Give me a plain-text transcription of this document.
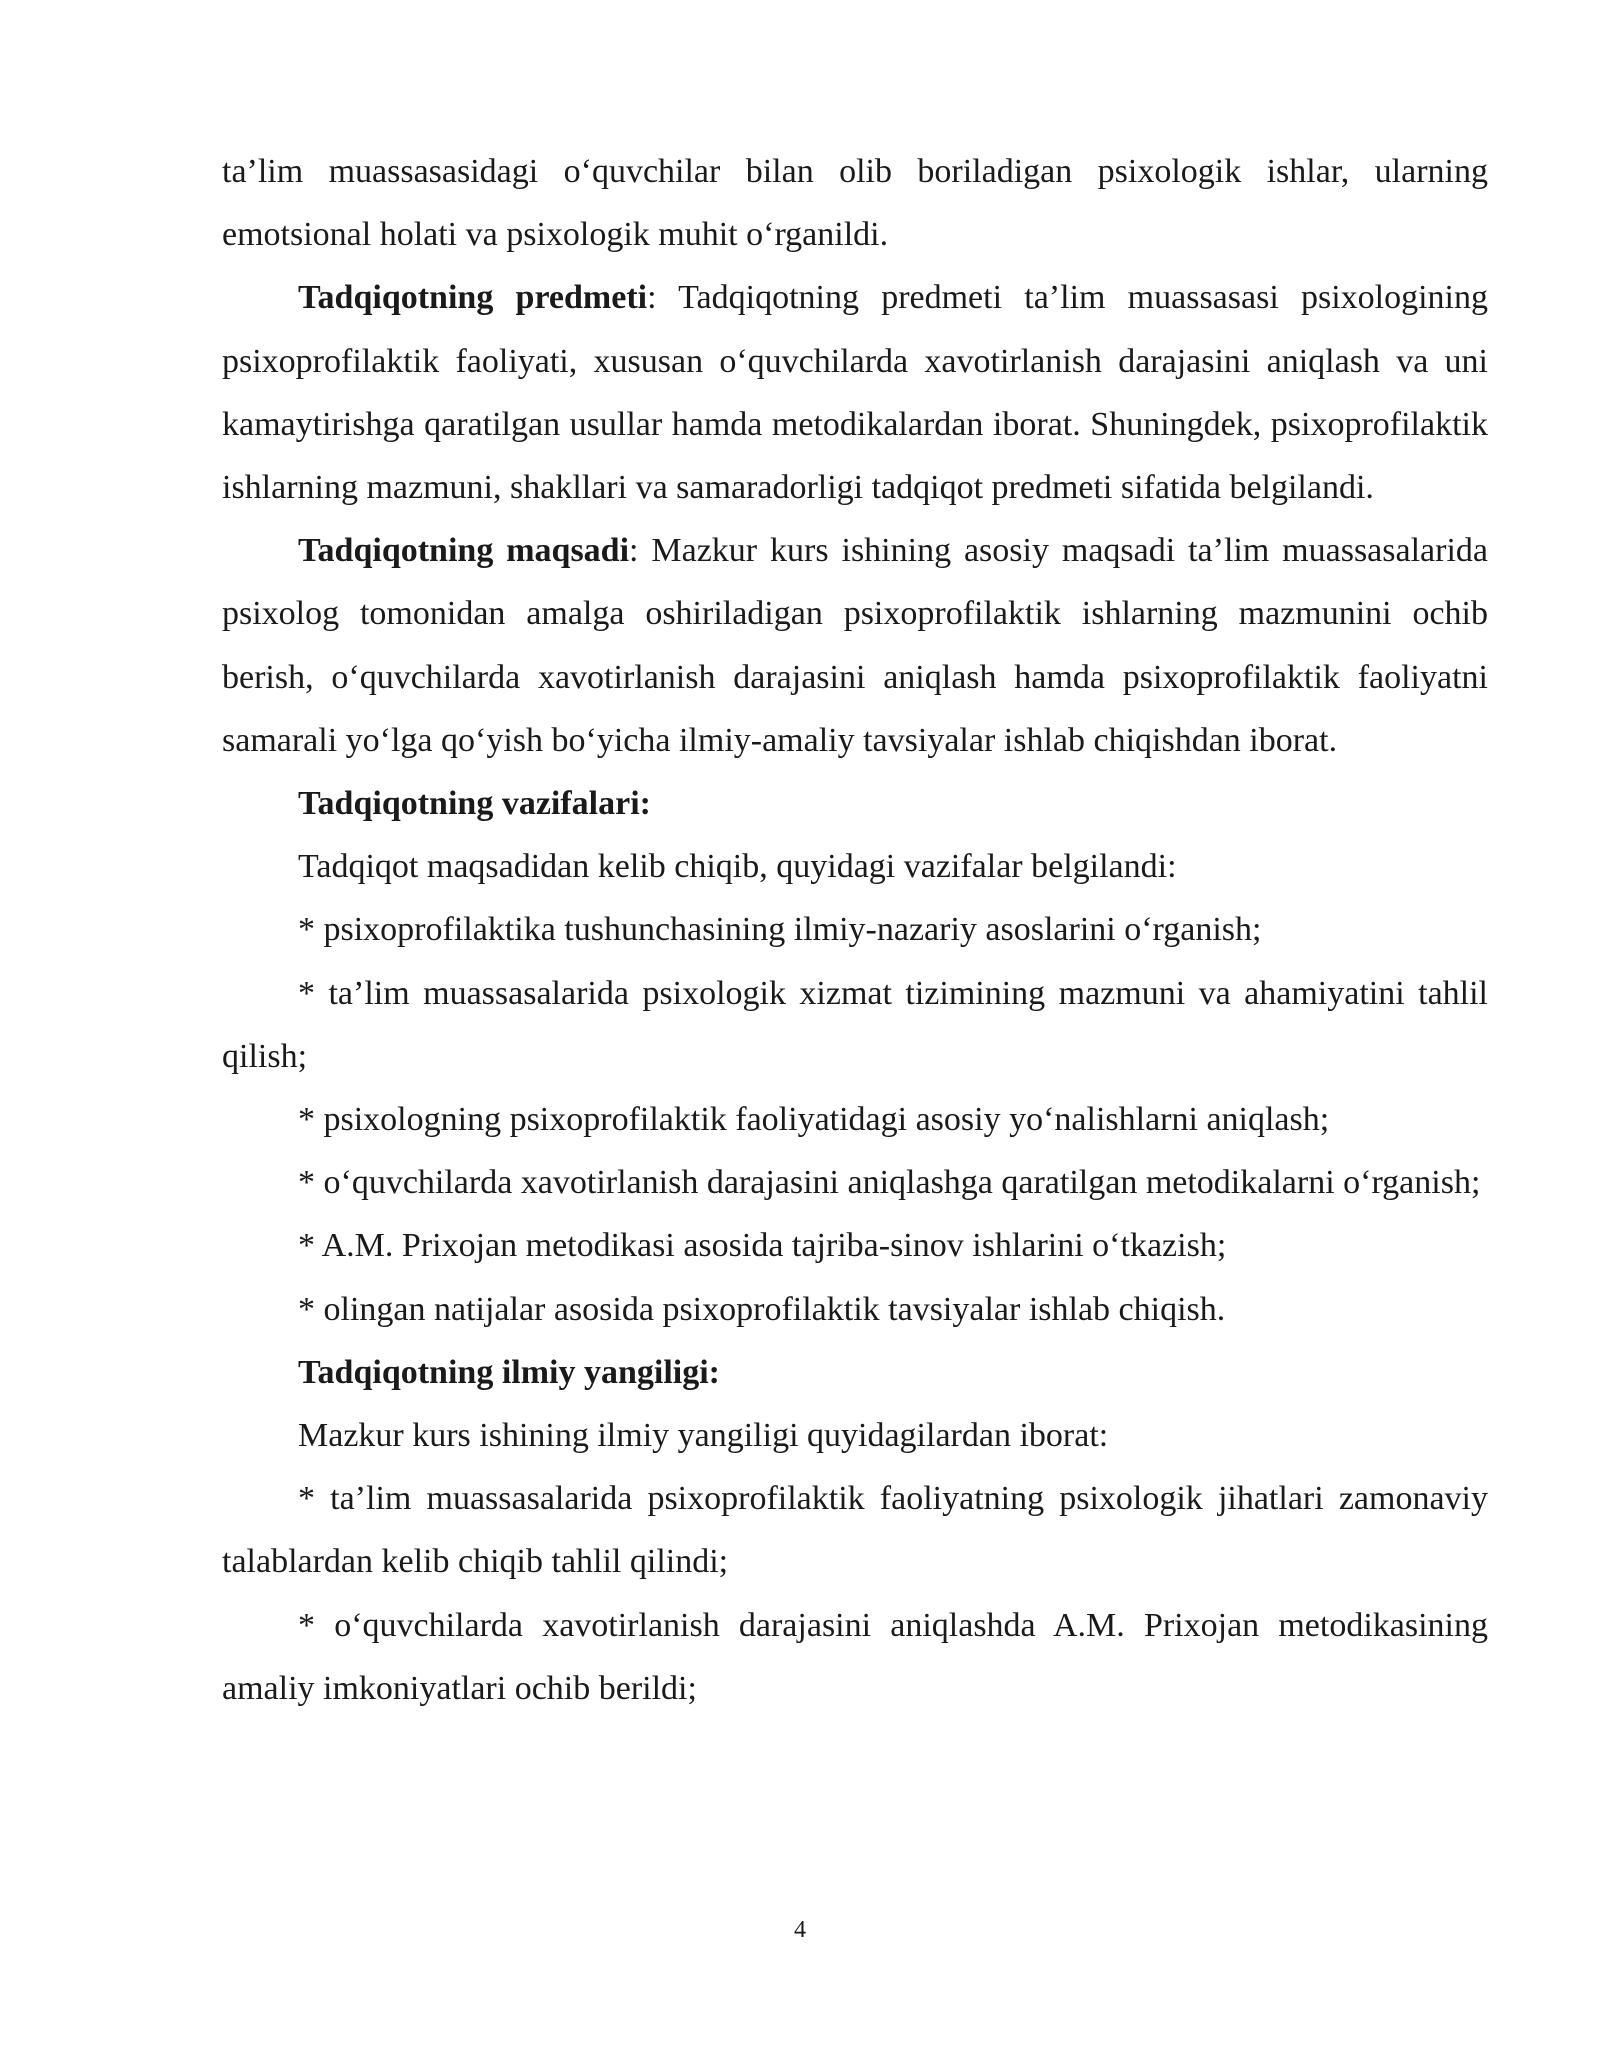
ta’lim muassasasidagi o‘quvchilar bilan olib boriladigan psixologik ishlar, ularning emotsional holati va psixologik muhit o‘rganildi.

Tadqiqotning predmeti: Tadqiqotning predmeti ta’lim muassasasi psixologining psixoprofilaktik faoliyati, xususan o‘quvchilarda xavotirlanish darajasini aniqlash va uni kamaytirishga qaratilgan usullar hamda metodikalardan iborat. Shuningdek, psixoprofilaktik ishlarning mazmuni, shakllari va samaradorligi tadqiqot predmeti sifatida belgilandi.

Tadqiqotning maqsadi: Mazkur kurs ishining asosiy maqsadi ta’lim muassasalarida psixolog tomonidan amalga oshiriladigan psixoprofilaktik ishlarning mazmunini ochib berish, o‘quvchilarda xavotirlanish darajasini aniqlash hamda psixoprofilaktik faoliyatni samarali yo‘lga qo‘yish bo‘yicha ilmiy-amaliy tavsiyalar ishlab chiqishdan iborat.

Tadqiqotning vazifalari:

Tadqiqot maqsadidan kelib chiqib, quyidagi vazifalar belgilandi:

* psixoprofilaktika tushunchasining ilmiy-nazariy asoslarini o‘rganish;

* ta’lim muassasalarida psixologik xizmat tizimining mazmuni va ahamiyatini tahlil qilish;

* psixologning psixoprofilaktik faoliyatidagi asosiy yo‘nalishlarni aniqlash;

* o‘quvchilarda xavotirlanish darajasini aniqlashga qaratilgan metodikalarni o‘rganish;

* A.M. Prixojan metodikasi asosida tajriba-sinov ishlarini o‘tkazish;

* olingan natijalar asosida psixoprofilaktik tavsiyalar ishlab chiqish.

Tadqiqotning ilmiy yangiligi:

Mazkur kurs ishining ilmiy yangiligi quyidagilardan iborat:

* ta’lim muassasalarida psixoprofilaktik faoliyatning psixologik jihatlari zamonaviy talablardan kelib chiqib tahlil qilindi;

* o‘quvchilarda xavotirlanish darajasini aniqlashda A.M. Prixojan metodikasining amaliy imkoniyatlari ochib berildi;

4
